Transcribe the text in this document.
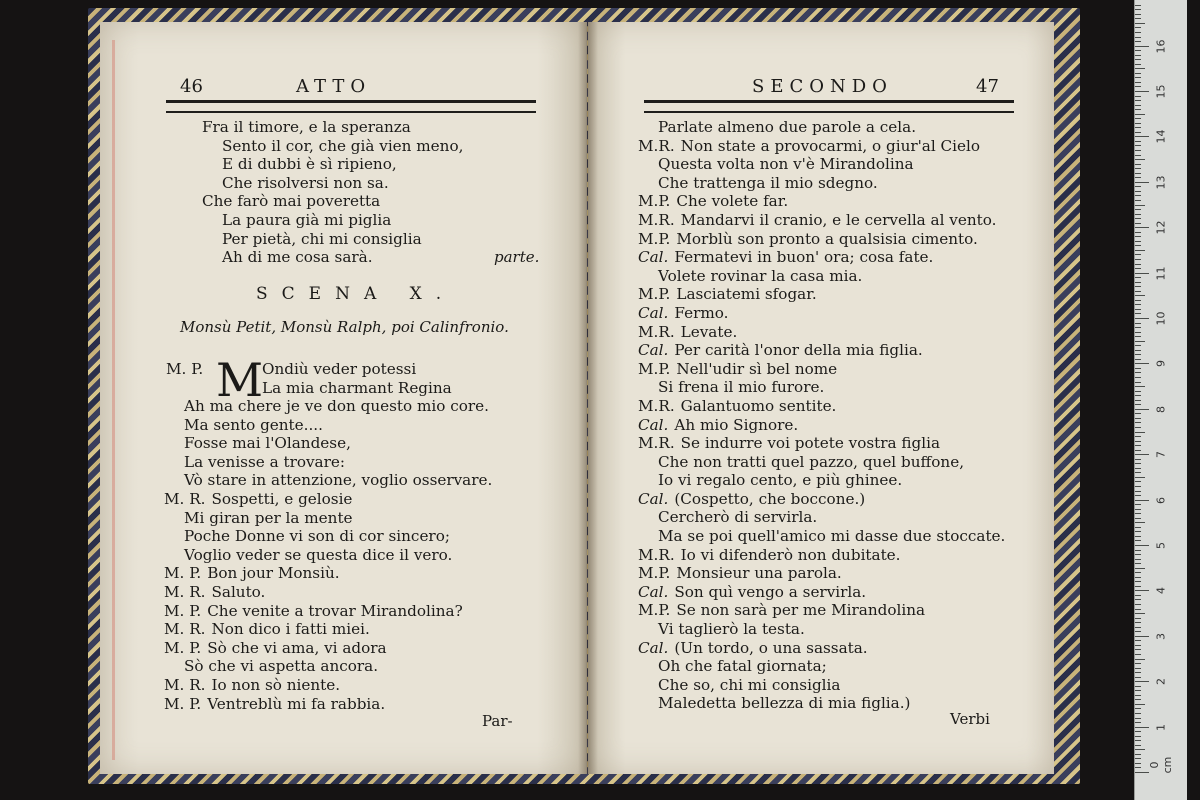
46	ATTO
Fra il timore, e la speranza
Sento il cor, che già vien meno,
E di dubbi è sì ripieno,
Che risolversi non sa.
Che farò mai poveretta
La paura già mi piglia
Per pietà, chi mi consiglia
Ah di me cosa sarà.	parte.
SCENA X.
Monsù Petit, Monsù Ralph, poi Calinfronio.
M. P. M
Ondiù veder potessi
La mia charmant Regina
Ah ma chere je ve don questo mio core.
Ma sento gente....
Fosse mai l'Olandese,
La venisse a trovare:
Vò stare in attenzione, voglio osservare.
M. R. Sospetti, e gelosie
Mi giran per la mente
Poche Donne vi son di cor sincero;
Voglio veder se questa dice il vero.
M. P. Bon jour Monsiù.
M. R. Saluto.
M. P. Che venite a trovar Mirandolina?
M. R. Non dico i fatti miei.
M. P. Sò che vi ama, vi adora
Sò che vi aspetta ancora.
M. R. Io non sò niente.
M. P. Ventreblù mi fa rabbia.
Par-
SECONDO	47
Parlate almeno due parole a cela.
M.R. Non state a provocarmi, o giur'al Cielo
Questa volta non v'è Mirandolina
Che trattenga il mio sdegno.
M.P. Che volete far.
M.R. Mandarvi il cranio, e le cervella al vento.
M.P. Morblù son pronto a qualsisia cimento.
Cal. Fermatevi in buon' ora; cosa fate.
Volete rovinar la casa mia.
M.P. Lasciatemi sfogar.
Cal. Fermo.
M.R. Levate.
Cal. Per carità l'onor della mia figlia.
M.P. Nell'udir sì bel nome
Si frena il mio furore.
M.R. Galantuomo sentite.
Cal. Ah mio Signore.
M.R. Se indurre voi potete vostra figlia
Che non tratti quel pazzo, quel buffone,
Io vi regalo cento, e più ghinee.
Cal. (Cospetto, che boccone.)
Cercherò di servirla.
Ma se poi quell'amico mi dasse due stoccate.
M.R. Io vi difenderò non dubitate.
M.P. Monsieur una parola.
Cal. Son quì vengo a servirla.
M.P. Se non sarà per me Mirandolina
Vi taglierò la testa.
Cal. (Un tordo, o una sassata.
Oh che fatal giornata;
Che so, chi mi consiglia
Maledetta bellezza di mia figlia.)
Verbi
0 cm
1
2
3
4
5
6
7
8
9
10
11
12
13
14
15
16
